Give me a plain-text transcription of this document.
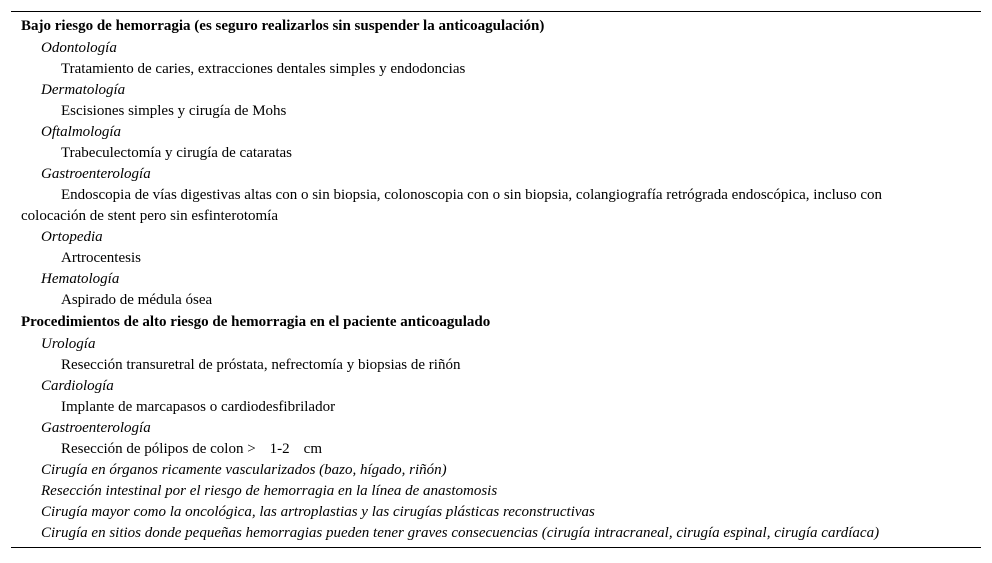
Bajo riesgo de hemorragia (es seguro realizarlos sin suspender la anticoagulación)
Odontología
Tratamiento de caries, extracciones dentales simples y endodoncias
Dermatología
Escisiones simples y cirugía de Mohs
Oftalmología
Trabeculectomía y cirugía de cataratas
Gastroenterología
Endoscopia de vías digestivas altas con o sin biopsia, colonoscopia con o sin biopsia, colangiografía retrógrada endoscópica, incluso con colocación de stent pero sin esfinterotomía
Ortopedia
Artrocentesis
Hematología
Aspirado de médula ósea
Procedimientos de alto riesgo de hemorragia en el paciente anticoagulado
Urología
Resección transuretral de próstata, nefrectomía y biopsias de riñón
Cardiología
Implante de marcapasos o cardiodesfibrilador
Gastroenterología
Resección de pólipos de colon > 1-2 cm
Cirugía en órganos ricamente vascularizados (bazo, hígado, riñón)
Resección intestinal por el riesgo de hemorragia en la línea de anastomosis
Cirugía mayor como la oncológica, las artroplastias y las cirugías plásticas reconstructivas
Cirugía en sitios donde pequeñas hemorragias pueden tener graves consecuencias (cirugía intracraneal, cirugía espinal, cirugía cardíaca)
